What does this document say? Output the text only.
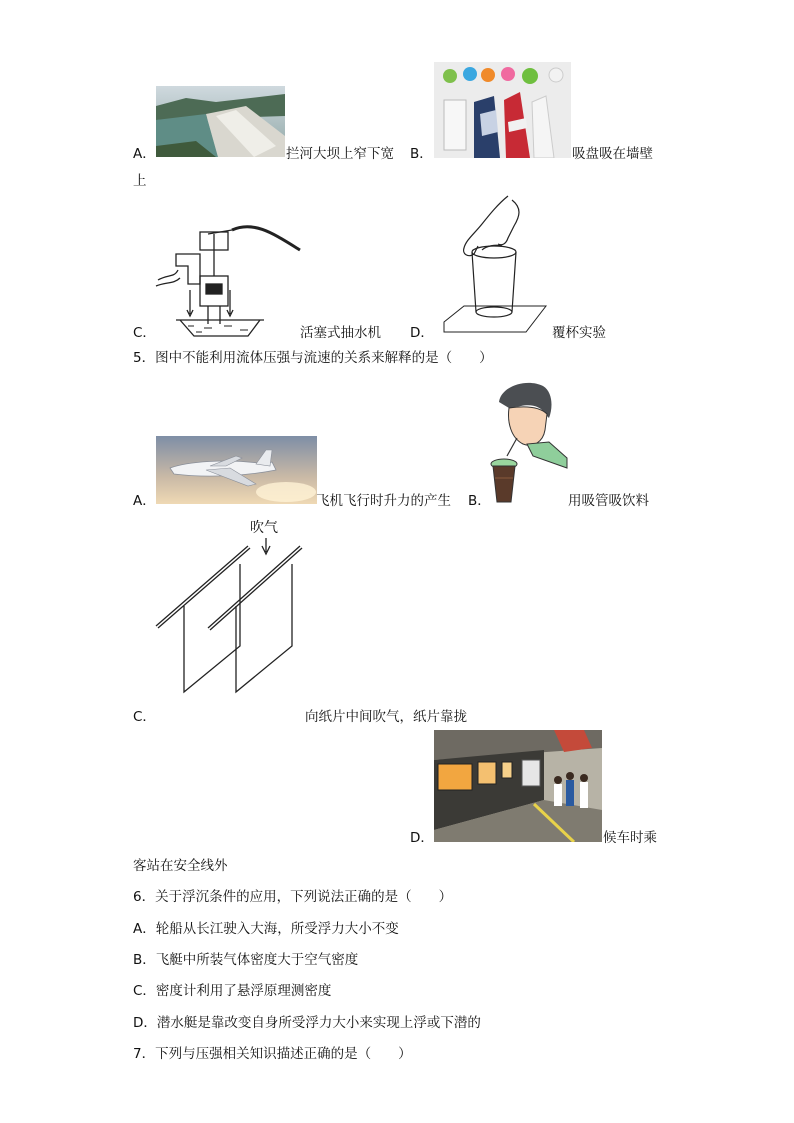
A．	拦河大坝上窄下宽 B．	吸盘吸在墙壁
上
C．	活塞式抽水机 D．	覆杯实验
5．图中不能利用流体压强与流速的关系来解释的是（　　）
A．	飞机飞行时升力的产生 B．	用吸管吸饮料
吹气
C．	向纸片中间吹气，纸片靠拢
D．	候车时乘
客站在安全线外
6．关于浮沉条件的应用，下列说法正确的是（　　）
A．轮船从长江驶入大海，所受浮力大小不变
B．飞艇中所装气体密度大于空气密度
C．密度计利用了悬浮原理测密度
D．潜水艇是靠改变自身所受浮力大小来实现上浮或下潜的
7．下列与压强相关知识描述正确的是（　　）
